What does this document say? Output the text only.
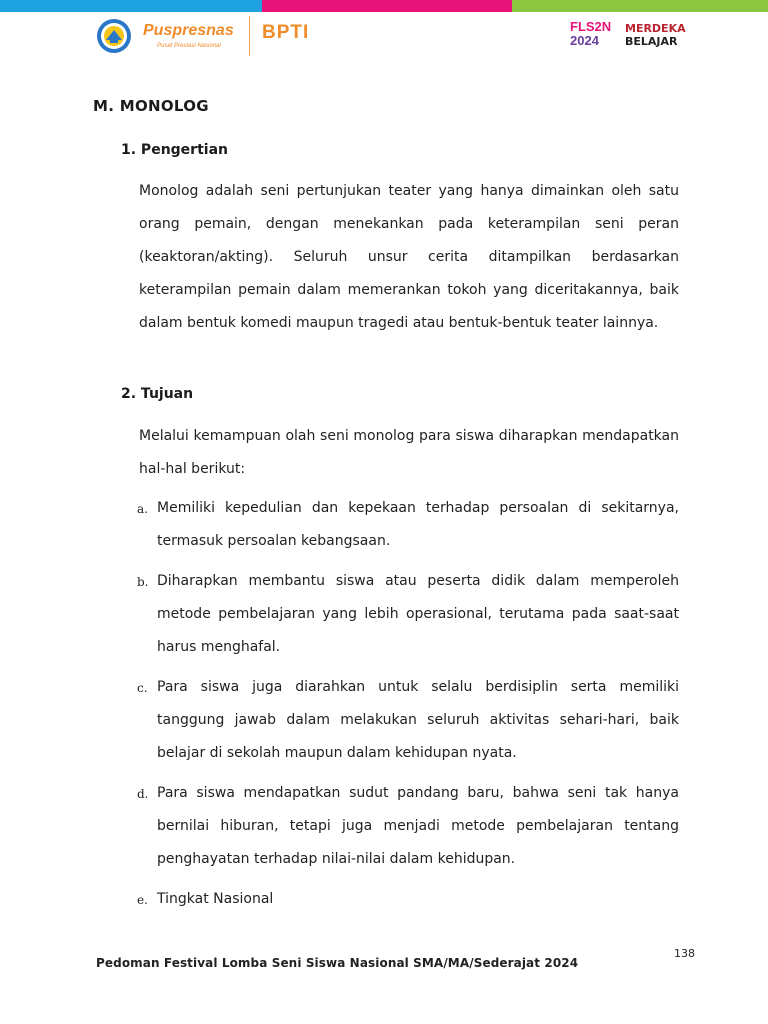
Puspresnas
Pusat Prestasi Nasional
BPTI	FLS2N
2024
MERDEKA
BELAJAR
M. MONOLOG
1. Pengertian

Monolog adalah seni pertunjukan teater yang hanya dimainkan oleh satu orang pemain, dengan menekankan pada keterampilan seni peran (keaktoran/akting). Seluruh unsur cerita ditampilkan berdasarkan keterampilan pemain dalam memerankan tokoh yang diceritakannya, baik dalam bentuk komedi maupun tragedi atau bentuk-bentuk teater lainnya.

2. Tujuan

Melalui kemampuan olah seni monolog para siswa diharapkan mendapatkan hal-hal berikut:

a. Memiliki kepedulian dan kepekaan terhadap persoalan di sekitarnya, termasuk persoalan kebangsaan.

b. Diharapkan membantu siswa atau peserta didik dalam memperoleh metode pembelajaran yang lebih operasional, terutama pada saat-saat harus menghafal.

c. Para siswa juga diarahkan untuk selalu berdisiplin serta memiliki tanggung jawab dalam melakukan seluruh aktivitas sehari-hari, baik belajar di sekolah maupun dalam kehidupan nyata.

d. Para siswa mendapatkan sudut pandang baru, bahwa seni tak hanya bernilai hiburan, tetapi juga menjadi metode pembelajaran tentang penghayatan terhadap nilai-nilai dalam kehidupan.

e. Tingkat Nasional

138
Pedoman Festival Lomba Seni Siswa Nasional SMA/MA/Sederajat 2024
